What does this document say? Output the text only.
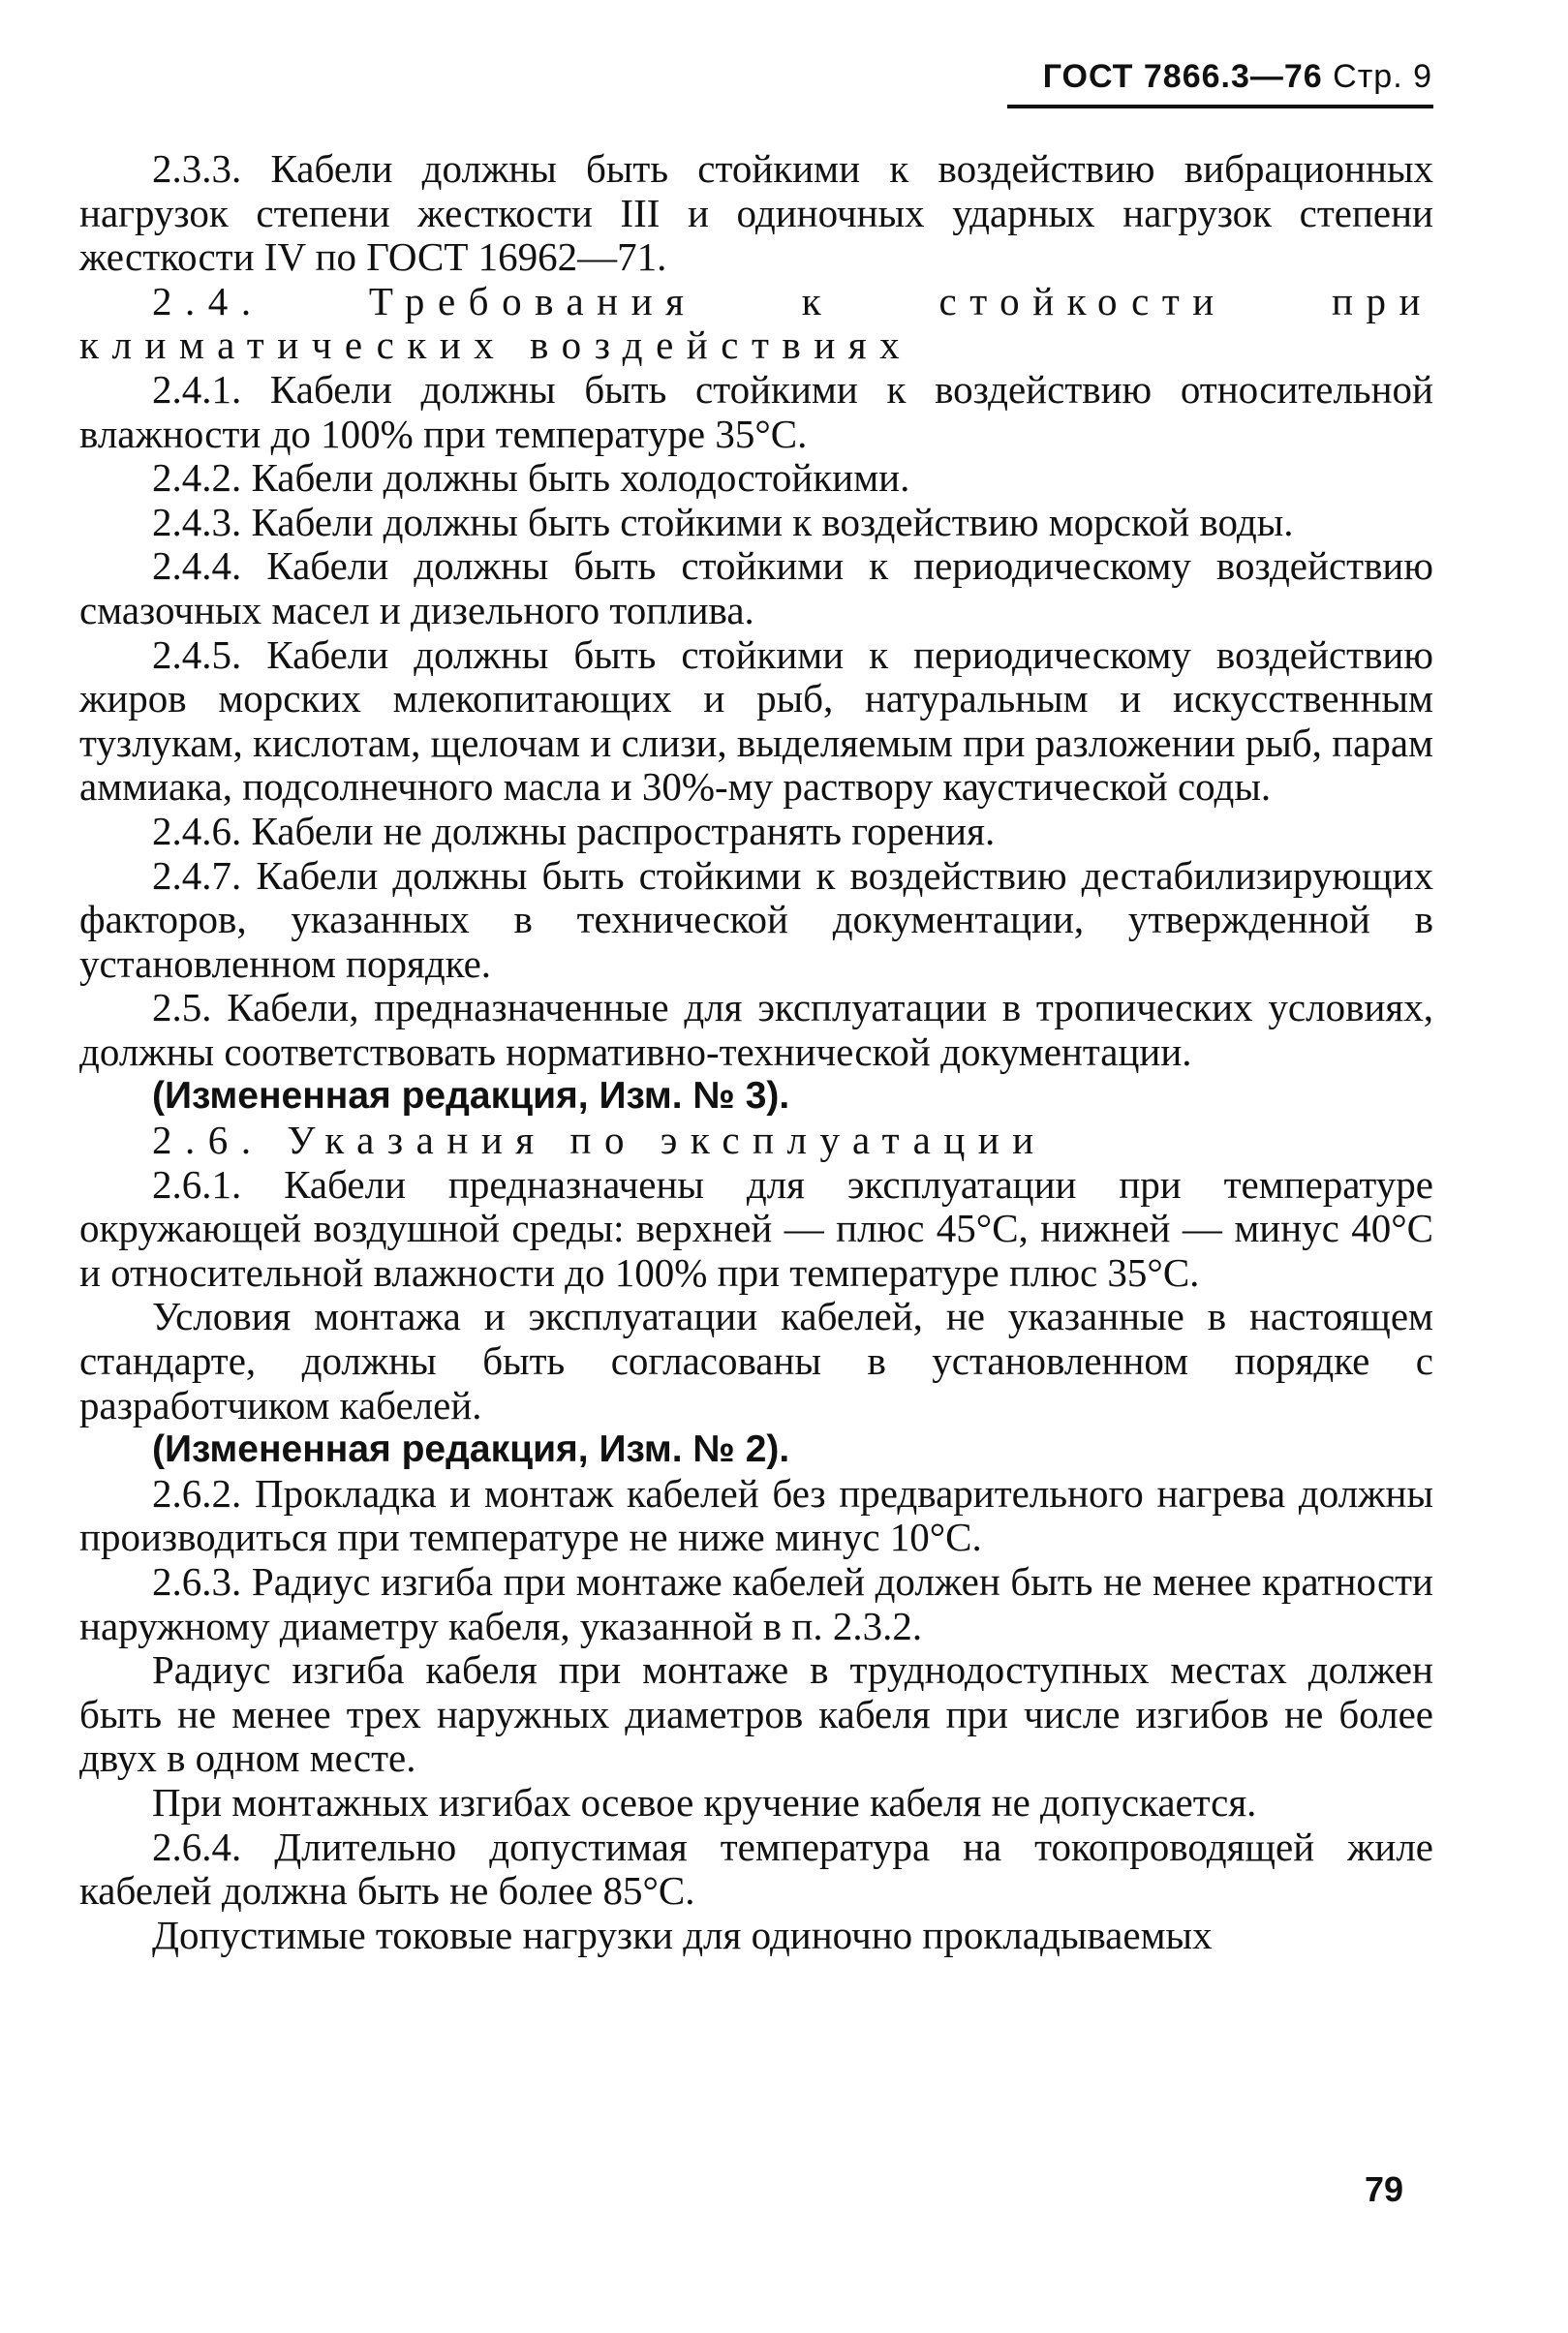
ГОСТ 7866.3—76 Стр. 9

2.3.3. Кабели должны быть стойкими к воздействию вибрационных нагрузок степени жесткости III и одиночных ударных нагрузок степени жесткости IV по ГОСТ 16962—71.

2.4. Требования к стойкости при климатических воздействиях

2.4.1. Кабели должны быть стойкими к воздействию относительной влажности до 100% при температуре 35°C.

2.4.2. Кабели должны быть холодостойкими.

2.4.3. Кабели должны быть стойкими к воздействию морской воды.

2.4.4. Кабели должны быть стойкими к периодическому воздействию смазочных масел и дизельного топлива.

2.4.5. Кабели должны быть стойкими к периодическому воздействию жиров морских млекопитающих и рыб, натуральным и искусственным тузлукам, кислотам, щелочам и слизи, выделяемым при разложении рыб, парам аммиака, подсолнечного масла и 30%-му раствору каустической соды.

2.4.6. Кабели не должны распространять горения.

2.4.7. Кабели должны быть стойкими к воздействию дестабилизирующих факторов, указанных в технической документации, утвержденной в установленном порядке.

2.5. Кабели, предназначенные для эксплуатации в тропических условиях, должны соответствовать нормативно-технической документации.

(Измененная редакция, Изм. № 3).

2.6. Указания по эксплуатации

2.6.1. Кабели предназначены для эксплуатации при температуре окружающей воздушной среды: верхней — плюс 45°C, нижней — минус 40°C и относительной влажности до 100% при температуре плюс 35°C.

Условия монтажа и эксплуатации кабелей, не указанные в настоящем стандарте, должны быть согласованы в установленном порядке с разработчиком кабелей.

(Измененная редакция, Изм. № 2).

2.6.2. Прокладка и монтаж кабелей без предварительного нагрева должны производиться при температуре не ниже минус 10°C.

2.6.3. Радиус изгиба при монтаже кабелей должен быть не менее кратности наружному диаметру кабеля, указанной в п. 2.3.2.

Радиус изгиба кабеля при монтаже в труднодоступных местах должен быть не менее трех наружных диаметров кабеля при числе изгибов не более двух в одном месте.

При монтажных изгибах осевое кручение кабеля не допускается.

2.6.4. Длительно допустимая температура на токопроводящей жиле кабелей должна быть не более 85°C.

Допустимые токовые нагрузки для одиночно прокладываемых

79
